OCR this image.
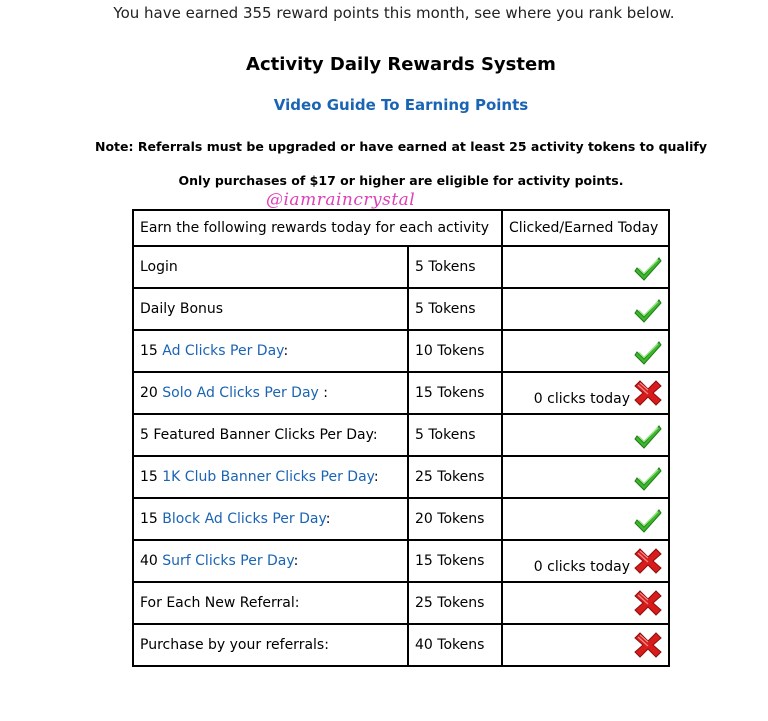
You have earned 355 reward points this month, see where you rank below.
Activity Daily Rewards System
Video Guide To Earning Points
Note: Referrals must be upgraded or have earned at least 25 activity tokens to qualify
Only purchases of $17 or higher are eligible for activity points.
@iamraincrystal
Earn the following rewards today for each activity		Clicked/Earned Today
Login	5 Tokens	

Daily Bonus	5 Tokens	

15 Ad Clicks Per Day:	10 Tokens	

20 Solo Ad Clicks Per Day :	15 Tokens	0 clicks today

5 Featured Banner Clicks Per Day:	5 Tokens	

15 1K Club Banner Clicks Per Day:	25 Tokens	

15 Block Ad Clicks Per Day:	20 Tokens	

40 Surf Clicks Per Day:	15 Tokens	0 clicks today

For Each New Referral:	25 Tokens	

Purchase by your referrals:	40 Tokens	
